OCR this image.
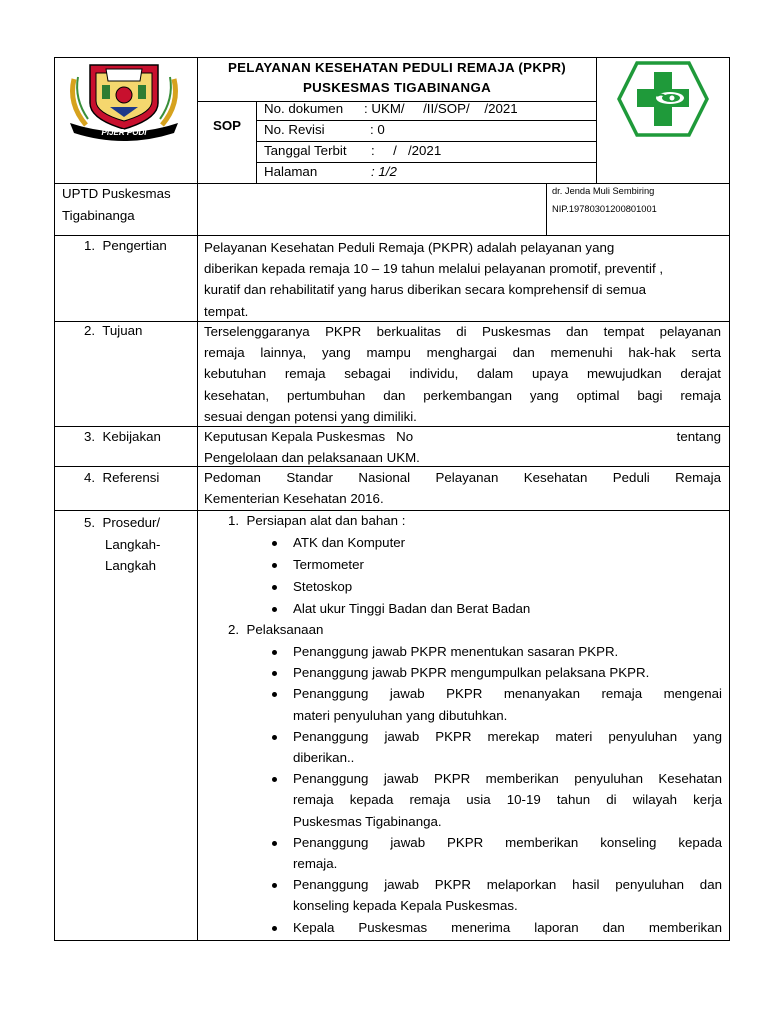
PIJER PODI
PELAYANAN KESEHATAN PEDULI REMAJA (PKPR)
PUSKESMAS TIGABINANGA
SOP
No. dokumen : UKM/     /II/SOP/    /2021
No. Revisi	: 0
Tanggal Terbit :     /   /2021
Halaman	: 1/2
UPTD Puskesmas
Tigabinanga
dr. Jenda Muli Sembiring
NIP.19780301200801001
1.  Pengertian	Pelayanan Kesehatan Peduli Remaja (PKPR) adalah pelayanan yang
diberikan kepada remaja 10 – 19 tahun melalui pelayanan promotif, preventif ,
kuratif dan rehabilitatif yang harus diberikan secara komprehensif di semua
tempat.
2.  Tujuan	Terselenggaranya PKPR berkualitas di Puskesmas dan tempat pelayanan
remaja lainnya, yang mampu menghargai dan memenuhi hak-hak serta
kebutuhan remaja sebagai individu, dalam upaya mewujudkan derajat
kesehatan, pertumbuhan dan perkembangan yang optimal bagi remaja
sesuai dengan potensi yang dimiliki.
3.  Kebijakan	Keputusan Kepala Puskesmas   No	tentang
Pengelolaan dan pelaksanaan UKM.
4.  Referensi	Pedoman Standar Nasional Pelayanan Kesehatan Peduli Remaja
Kementerian Kesehatan 2016.
5.  Prosedur/
Langkah-
Langkah
1.  Persiapan alat dan bahan :
ATK dan Komputer
Termometer
Stetoskop
Alat ukur Tinggi Badan dan Berat Badan
2.  Pelaksanaan
Penanggung jawab PKPR menentukan sasaran PKPR.
Penanggung jawab PKPR mengumpulkan pelaksana PKPR.
Penanggung jawab PKPR menanyakan remaja mengenai
materi penyuluhan yang dibutuhkan.
Penanggung jawab PKPR merekap materi penyuluhan yang
diberikan..
Penanggung jawab PKPR memberikan penyuluhan Kesehatan
remaja kepada remaja usia 10-19 tahun di wilayah kerja
Puskesmas Tigabinanga.
Penanggung jawab PKPR memberikan konseling kepada
remaja.
Penanggung jawab PKPR melaporkan hasil penyuluhan dan
konseling kepada Kepala Puskesmas.
Kepala Puskesmas menerima laporan dan memberikan
